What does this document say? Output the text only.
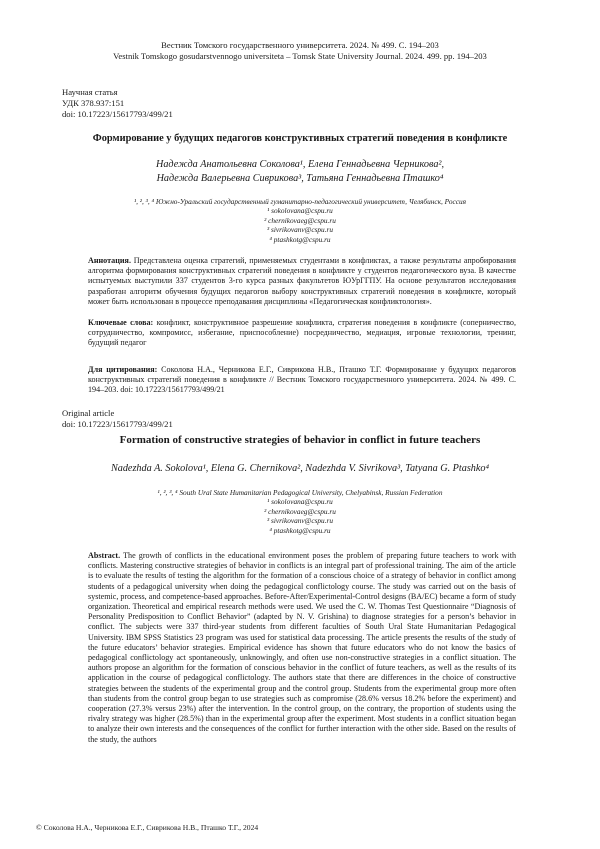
Вестник Томского государственного университета. 2024. № 499. С. 194–203
Vestnik Tomskogo gosudarstvennogo universiteta – Tomsk State University Journal. 2024. 499. pp. 194–203
Научная статья
УДК 378.937:151
doi: 10.17223/15617793/499/21
Формирование у будущих педагогов конструктивных стратегий поведения в конфликте
Надежда Анатольевна Соколова¹, Елена Геннадьевна Черникова²,
Надежда Валерьевна Сиврикова³, Татьяна Геннадьевна Пташко⁴
¹, ², ³, ⁴ Южно-Уральский государственный гуманитарно-педагогический университет, Челябинск, Россия
¹ sokolovana@cspu.ru
² chernikovaeg@cspu.ru
³ sivrikovanv@cspu.ru
⁴ ptashkotg@cspu.ru
Аннотация. Представлена оценка стратегий, применяемых студентами в конфликтах, а также результаты апробирования алгоритма формирования конструктивных стратегий поведения в конфликте у студентов педагогического вуза. В качестве испытуемых выступили 337 студентов 3-го курса разных факультетов ЮУрГГПУ. На основе результатов исследования разработан алгоритм обучения будущих педагогов выбору конструктивных стратегий поведения в конфликте, который может быть использован в процессе преподавания дисциплины «Педагогическая конфликтология».
Ключевые слова: конфликт, конструктивное разрешение конфликта, стратегия поведения в конфликте (соперничество, сотрудничество, компромисс, избегание, приспособление) посредничество, медиация, игровые технологии, тренинг, будущий педагог
Для цитирования: Соколова Н.А., Черникова Е.Г., Сиврикова Н.В., Пташко Т.Г. Формирование у будущих педагогов конструктивных стратегий поведения в конфликте // Вестник Томского государственного университета. 2024. № 499. С. 194–203. doi: 10.17223/15617793/499/21
Original article
doi: 10.17223/15617793/499/21
Formation of constructive strategies of behavior in conflict in future teachers
Nadezhda A. Sokolova¹, Elena G. Chernikova², Nadezhda V. Sivrikova³, Tatyana G. Ptashko⁴
¹, ², ³, ⁴ South Ural State Humanitarian Pedagogical University, Chelyabinsk, Russian Federation
¹ sokolovana@cspu.ru
² chernikovaeg@cspu.ru
³ sivrikovanv@cspu.ru
⁴ ptashkotg@cspu.ru
Abstract. The growth of conflicts in the educational environment poses the problem of preparing future teachers to work with conflicts. Mastering constructive strategies of behavior in conflicts is an integral part of professional training. The aim of the article is to evaluate the results of testing the algorithm for the formation of a conscious choice of a strategy of behavior in conflict among students of a pedagogical university when doing the pedagogical conflictology course. The study was carried out on the basis of systemic, process, and competence-based approaches. Before-After/Experimental-Control designs (BA/EC) became a form of study organization. Theoretical and empirical research methods were used. We used the C. W. Thomas Test Questionnaire “Diagnosis of Personality Predisposition to Conflict Behavior” (adapted by N. V. Grishina) to diagnose strategies for a person’s behavior in conflict. The subjects were 337 third-year students from different faculties of South Ural State Humanitarian Pedagogical University. IBM SPSS Statistics 23 program was used for statistical data processing. The article presents the results of the study of the future educators’ behavior strategies. Empirical evidence has shown that future educators who do not know the basics of pedagogical conflictology act spontaneously, unknowingly, and often use non-constructive strategies in a conflict situation. The authors propose an algorithm for the formation of conscious behavior in the conflict of future teachers, as well as the results of its application in the course of pedagogical conflictology. The authors state that there are differences in the choice of constructive strategies between the students of the experimental group and the control group. Students from the experimental group more often than students from the control group began to use strategies such as compromise (28.6% versus 18.2% before the experiment) and cooperation (27.3% versus 23%) after the intervention. In the control group, on the contrary, the proportion of students using the rivalry strategy was higher (28.5%) than in the experimental group after the experiment. Most students in a conflict situation began to analyze their own interests and the consequences of the conflict for further interaction with the other side. Based on the results of the study, the authors
© Соколова Н.А., Черникова Е.Г., Сиврикова Н.В., Пташко Т.Г., 2024
